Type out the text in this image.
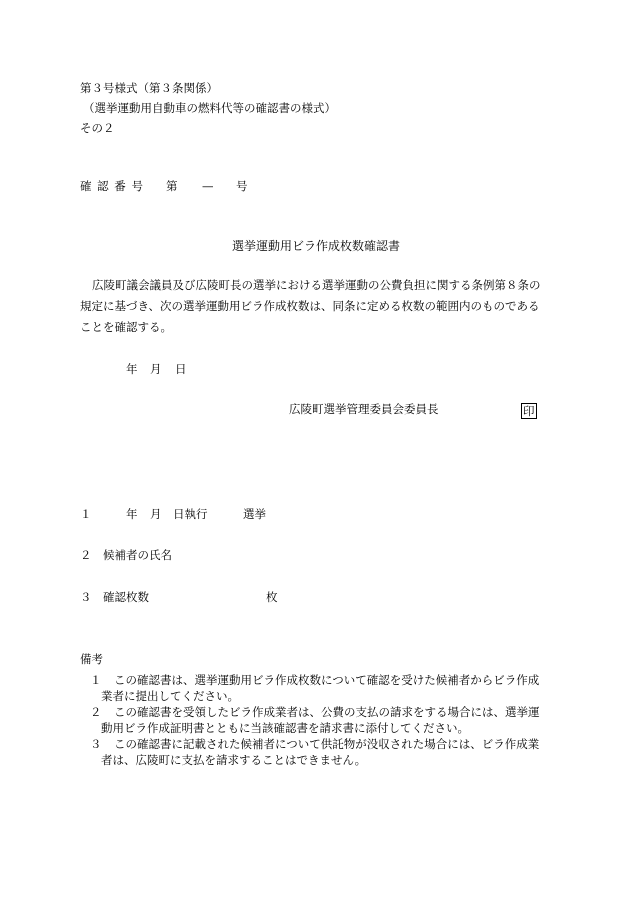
第３号様式（第３条関係）
（選挙運動用自動車の燃料代等の確認書の様式）
その２
確 認 番 号 第 — 号
選挙運動用ビラ作成枚数確認書
広陵町議会議員及び広陵町長の選挙における選挙運動の公費負担に関する条例第８条の
規定に基づき、次の選挙運動用ビラ作成枚数は、同条に定める枚数の範囲内のものである
ことを確認する。
年 月 日
広陵町選挙管理委員会委員長	印
１	年 月 日執行	選挙
２ 候補者の氏名
３ 確認枚数	枚
備考
１ この確認書は、選挙運動用ビラ作成枚数について確認を受けた候補者からビラ作成
業者に提出してください。
２ この確認書を受領したビラ作成業者は、公費の支払の請求をする場合には、選挙運
動用ビラ作成証明書とともに当該確認書を請求書に添付してください。
３ この確認書に記載された候補者について供託物が没収された場合には、ビラ作成業
者は、広陵町に支払を請求することはできません。
